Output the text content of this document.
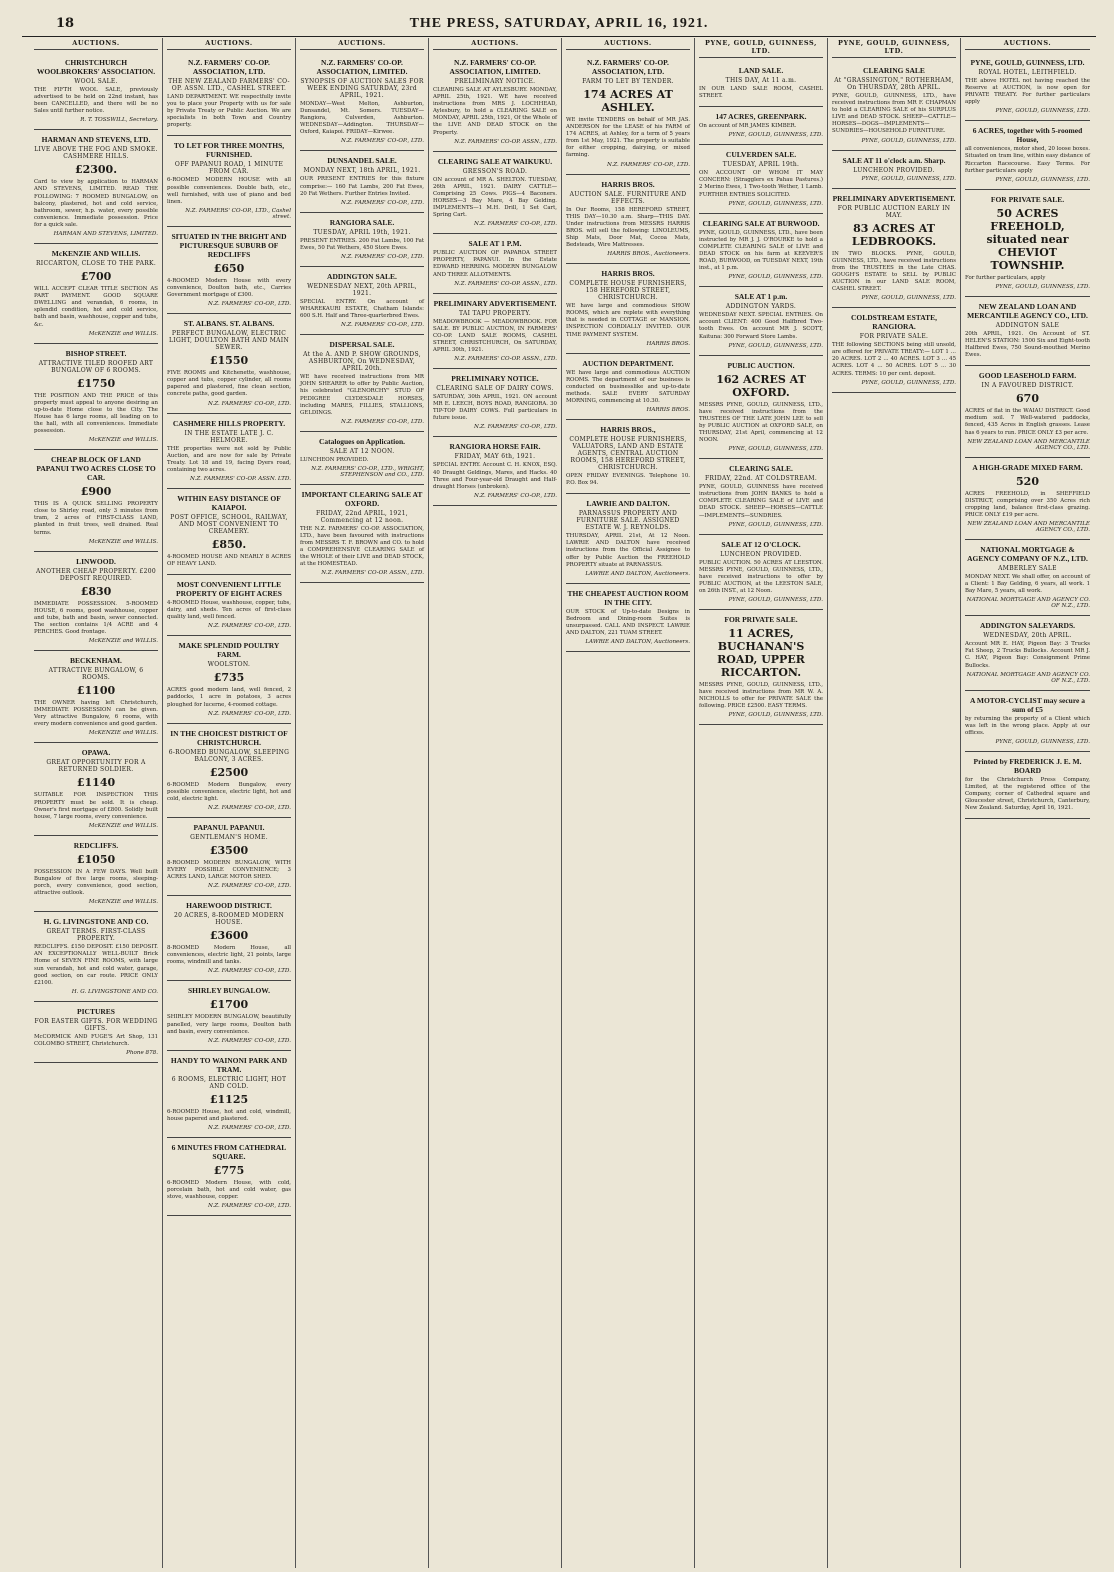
18	THE PRESS, SATURDAY, APRIL 16, 1921.
AUCTIONS.
CHRISTCHURCH WOOLBROKERS' ASSOCIATION.
WOOL SALE.
THE FIFTH WOOL SALE, previously advertised to be held on 22nd instant, has been CANCELLED, and there will be no Sales until further notice.
R. T. TOSSWILL, Secretary.
HARMAN AND STEVENS, LTD.
LIVE ABOVE THE FOG AND SMOKE. CASHMERE HILLS.
£2300.
Card to view by application to HARMAN AND STEVENS, LIMITED. READ THE FOLLOWING: 7 ROOMED BUNGALOW, on balcony, plastered, hot and cold service, bathroom, sewer, h.p. water, every possible convenience. Immediate possession. Price for a quick sale.
HARMAN AND STEVENS, LIMITED.
McKENZIE AND WILLIS.
RICCARTON, CLOSE TO THE PARK.
£700
WILL ACCEPT CLEAR TITLE SECTION AS PART PAYMENT. GOOD SQUARE DWELLING and verandah, 6 rooms, in splendid condition, hot and cold service, bath and basin, washhouse, copper and tubs, &c.
McKENZIE and WILLIS.
BISHOP STREET.
ATTRACTIVE TILED ROOFED ART BUNGALOW OF 6 ROOMS.
£1750
THE POSITION AND THE PRICE of this property must appeal to anyone desiring an up-to-date Home close to the City. The House has 6 large rooms, all leading on to the hall, with all conveniences. Immediate possession.
McKENZIE and WILLIS.
CHEAP BLOCK OF LAND PAPANUI TWO ACRES CLOSE TO CAR.
£900
THIS IS A QUICK SELLING PROPERTY close to Shirley road, only 3 minutes from tram, 2 acres of FIRST-CLASS LAND, planted in fruit trees, well drained. Real terms.
McKENZIE and WILLIS.
LINWOOD.
ANOTHER CHEAP PROPERTY. £200 DEPOSIT REQUIRED.
£830
IMMEDIATE POSSESSION. 5-ROOMED HOUSE, 6 rooms, good washhouse, copper and tubs, bath and basin, sewer connected. The section contains 1/4 ACRE and 4 PERCHES. Good frontage.
McKENZIE and WILLIS.
BECKENHAM.
ATTRACTIVE BUNGALOW, 6 ROOMS.
£1100
THE OWNER having left Christchurch, IMMEDIATE POSSESSION can be given. Very attractive Bungalow, 6 rooms, with every modern convenience and good garden.
McKENZIE and WILLIS.
OPAWA.
GREAT OPPORTUNITY FOR A RETURNED SOLDIER.
£1140
SUITABLE FOR INSPECTION THIS PROPERTY must be sold. It is cheap. Owner's first mortgage of £800. Solidly built house, 7 large rooms, every convenience.
McKENZIE and WILLIS.
REDCLIFFS.
£1050
POSSESSION IN A FEW DAYS. Well built Bungalow of five large rooms, sleeping-porch, every convenience, good section, attractive outlook.
McKENZIE and WILLIS.
H. G. LIVINGSTONE AND CO.
GREAT TERMS. FIRST-CLASS PROPERTY.
REDCLIFFS. £150 DEPOSIT. £150 DEPOSIT. AN EXCEPTIONALLY WELL-BUILT Brick Home of SEVEN FINE ROOMS, with large sun verandah, hot and cold water, garage, good section, on car route. PRICE ONLY £2100.
H. G. LIVINGSTONE AND CO.
PICTURES
FOR EASTER GIFTS. FOR WEDDING GIFTS.
McCORMICK AND FUGE'S Art Shop, 131 COLOMBO STREET, Christchurch.
Phone 878.
AUCTIONS.
N.Z. FARMERS' CO-OP. ASSOCIATION, LTD.
THE NEW ZEALAND FARMERS' CO-OP. ASSN. LTD., CASHEL STREET.
LAND DEPARTMENT. WE respectfully invite you to place your Property with us for sale by Private Treaty or Public Auction. We are specialists in both Town and Country property.
TO LET FOR THREE MONTHS, FURNISHED.
OFF PAPANUI ROAD, 1 MINUTE FROM CAR.
6-ROOMED MODERN HOUSE with all possible conveniences. Double bath, etc., well furnished, with use of piano and bed linen.
N.Z. FARMERS' CO-OP., LTD., Cashel street.
SITUATED IN THE BRIGHT AND PICTURESQUE SUBURB OF REDCLIFFS
£650
4-ROOMED Modern House with every convenience, Doulton bath, etc., Carries Government mortgage of £300.
N.Z. FARMERS' CO-OP., LTD.
ST. ALBANS. ST. ALBANS.
PERFECT BUNGALOW, ELECTRIC LIGHT, DOULTON BATH AND MAIN SEWER.
£1550
FIVE ROOMS and Kitchenette, washhouse, copper and tubs, copper cylinder, all rooms papered and plastered, fine clean section, concrete paths, good garden.
N.Z. FARMERS' CO-OP., LTD.
CASHMERE HILLS PROPERTY.
IN THE ESTATE LATE J. C. HELMORE.
THE properties were not sold by Public Auction, and are now for sale by Private Treaty. Lot 18 and 19, facing Dyers road, containing two acres.
N.Z. FARMERS' CO-OP. ASSN. LTD.
WITHIN EASY DISTANCE OF KAIAPOI.
POST OFFICE, SCHOOL, RAILWAY, AND MOST CONVENIENT TO CREAMERY.
£850.
4-ROOMED HOUSE AND NEARLY 8 ACRES OF HEAVY LAND.
MOST CONVENIENT LITTLE PROPERTY OF EIGHT ACRES
4-ROOMED House, washhouse, copper, tubs, dairy, and sheds. Ten acres of first-class quality land, well fenced.
N.Z. FARMERS' CO-OP., LTD.
MAKE SPLENDID POULTRY FARM.
WOOLSTON.
£735
ACRES good modern land, well fenced, 2 paddocks, 1 acre in potatoes, 3 acres ploughed for lucerne, 4-roomed cottage.
N.Z. FARMERS' CO-OP., LTD.
IN THE CHOICEST DISTRICT OF CHRISTCHURCH.
6-ROOMED BUNGALOW, SLEEPING BALCONY, 3 ACRES.
£2500
6-ROOMED Modern Bungalow, every possible convenience, electric light, hot and cold, electric light.
N.Z. FARMERS' CO-OP., LTD.
PAPANUI. PAPANUI.
GENTLEMAN'S HOME.
£3500
8-ROOMED MODERN BUNGALOW, WITH EVERY POSSIBLE CONVENIENCE; 3 ACRES LAND, LARGE MOTOR SHED.
N.Z. FARMERS' CO-OP., LTD.
HAREWOOD DISTRICT.
20 ACRES, 8-ROOMED MODERN HOUSE.
£3600
8-ROOMED Modern House, all conveniences, electric light, 21 points, large rooms, windmill and tanks.
N.Z. FARMERS' CO-OP., LTD.
SHIRLEY BUNGALOW.
£1700
SHIRLEY MODERN BUNGALOW, beautifully panelled, very large rooms, Doulton bath and basin, every convenience.
N.Z. FARMERS' CO-OP., LTD.
HANDY TO WAINONI PARK AND TRAM.
6 ROOMS, ELECTRIC LIGHT, HOT AND COLD.
£1125
6-ROOMED House, hot and cold, windmill, house papered and plastered.
N.Z. FARMERS' CO-OP., LTD.
6 MINUTES FROM CATHEDRAL SQUARE.
£775
6-ROOMED Modern House, with cold, porcelain bath, hot and cold water, gas stove, washhouse, copper.
N.Z. FARMERS' CO-OP., LTD.
AUCTIONS.
N.Z. FARMERS' CO-OP. ASSOCIATION, LIMITED.
SYNOPSIS OF AUCTION SALES FOR WEEK ENDING SATURDAY, 23rd APRIL, 1921.
MONDAY—West Melton, Ashburton, Dunsandel, Mt. Somers. TUESDAY—Rangiora, Culverden, Ashburton. WEDNESDAY—Addington. THURSDAY—Oxford, Kaiapoi. FRIDAY—Kirwee.
N.Z. FARMERS' CO-OP., LTD.
DUNSANDEL SALE.
MONDAY NEXT, 18th APRIL, 1921.
OUR PRESENT ENTRIES for this fixture comprise:— 160 Fat Lambs, 200 Fat Ewes, 20 Fat Wethers. Further Entries Invited.
N.Z. FARMERS' CO-OP., LTD.
RANGIORA SALE.
TUESDAY, APRIL 19th, 1921.
PRESENT ENTRIES. 200 Fat Lambs, 100 Fat Ewes, 50 Fat Wethers, 450 Store Ewes.
N.Z. FARMERS' CO-OP., LTD.
ADDINGTON SALE.
WEDNESDAY NEXT, 20th APRIL, 1921.
SPECIAL ENTRY. On account of WHAREKAURI ESTATE, Chatham Islands: 600 S.H. Half and Three-quarterbred Ewes.
N.Z. FARMERS' CO-OP., LTD.
DISPERSAL SALE.
At the A. AND P. SHOW GROUNDS, ASHBURTON, On WEDNESDAY, APRIL 20th.
WE have received instructions from MR JOHN SHEARER to offer by Public Auction, his celebrated "GLENORCHY" STUD OF PEDIGREE CLYDESDALE HORSES, including MARES, FILLIES, STALLIONS, GELDINGS.
N.Z. FARMERS' CO-OP., LTD.
Catalogues on Application.
SALE AT 12 NOON.
LUNCHEON PROVIDED.
N.Z. FARMERS' CO-OP., LTD., WRIGHT, STEPHENSON and CO., LTD.
IMPORTANT CLEARING SALE AT OXFORD.
FRIDAY, 22nd APRIL, 1921, Commencing at 12 noon.
THE N.Z. FARMERS' CO-OP. ASSOCIATION, LTD., have been favoured with instructions from MESSRS T. F. BROWN and CO. to hold a COMPREHENSIVE CLEARING SALE of the WHOLE of their LIVE and DEAD STOCK, at the HOMESTEAD.
N.Z. FARMERS' CO-OP. ASSN., LTD.
AUCTIONS.
N.Z. FARMERS' CO-OP. ASSOCIATION, LIMITED.
PRELIMINARY NOTICE.
CLEARING SALE AT AYLESBURY. MONDAY, APRIL 25th, 1921. WE have received instructions from MRS J. LOCHHEAD, Aylesbury, to hold a CLEARING SALE on MONDAY, APRIL 25th, 1921, Of the Whole of the LIVE AND DEAD STOCK on the Property.
N.Z. FARMERS' CO-OP. ASSN., LTD.
CLEARING SALE AT WAIKUKU.
GRESSON'S ROAD.
ON account of MR A. SHELTON. TUESDAY, 26th APRIL, 1921. DAIRY CATTLE—Comprising 25 Cows. PIGS—4 Baconers. HORSES—3 Bay Mare, 4 Bay Gelding. IMPLEMENTS—1 M.H. Drill, 1 Set Cart, Spring Cart.
N.Z. FARMERS' CO-OP., LTD.
SALE AT 1 P.M.
PUBLIC AUCTION OF PAPAROA STREET PROPERTY, PAPANUI. In the Estate EDWARD HERRING. MODERN BUNGALOW AND THREE ALLOTMENTS.
N.Z. FARMERS' CO-OP. ASSN., LTD.
PRELIMINARY ADVERTISEMENT.
TAI TAPU PROPERTY.
MEADOWBROOK — MEADOWBROOK. FOR SALE. BY PUBLIC AUCTION, IN FARMERS' CO-OP. LAND SALE ROOMS, CASHEL STREET, CHRISTCHURCH, On SATURDAY, APRIL 30th, 1921.
N.Z. FARMERS' CO-OP. ASSN., LTD.
PRELIMINARY NOTICE.
CLEARING SALE OF DAIRY COWS.
SATURDAY, 30th APRIL, 1921. ON account MR E. LEECH, BOYS ROAD, RANGIORA. 30 TIP-TOP DAIRY COWS. Full particulars in future issue.
N.Z. FARMERS' CO-OP., LTD.
RANGIORA HORSE FAIR.
FRIDAY, MAY 6th, 1921.
SPECIAL ENTRY. Account C. H. KNOX, ESQ. 40 Draught Geldings, Mares, and Hacks. 40 Three and Four-year-old Draught and Half-draught Horses (unbroken).
N.Z. FARMERS' CO-OP., LTD.
AUCTIONS.
N.Z. FARMERS' CO-OP. ASSOCIATION, LTD.
FARM TO LET BY TENDER.
174 ACRES AT ASHLEY.
WE invite TENDERS on behalf of MR JAS. ANDERSON for the LEASE of his FARM of 174 ACRES, at Ashley, for a term of 5 years from 1st May, 1921. The property is suitable for either cropping, dairying, or mixed farming.
N.Z. FARMERS' CO-OP., LTD.
HARRIS BROS.
AUCTION SALE. FURNITURE AND EFFECTS.
In Our Rooms, 158 HEREFORD STREET, THIS DAY—10.30 a.m. Sharp—THIS DAY. Under instructions from MESSRS HARRIS BROS. will sell the following: LINOLEUMS, Ship Mats, Door Mat, Cocoa Mats, Bedsteads, Wire Mattresses.
HARRIS BROS., Auctioneers.
HARRIS BROS.
COMPLETE HOUSE FURNISHERS, 158 HEREFORD STREET, CHRISTCHURCH.
WE have large and commodious SHOW ROOMS, which are replete with everything that is needed in COTTAGE or MANSION. INSPECTION CORDIALLY INVITED. OUR TIME PAYMENT SYSTEM.
HARRIS BROS.
AUCTION DEPARTMENT.
WE have large and commodious AUCTION ROOMS. The department of our business is conducted on businesslike and up-to-date methods. SALE EVERY SATURDAY MORNING, commencing at 10.30.
HARRIS BROS.
HARRIS BROS.,
COMPLETE HOUSE FURNISHERS, VALUATORS, LAND AND ESTATE AGENTS, CENTRAL AUCTION ROOMS, 158 HEREFORD STREET, CHRISTCHURCH.
OPEN FRIDAY EVENINGS. Telephone 10. P.O. Box 94.
LAWRIE AND DALTON.
PARNASSUS PROPERTY AND FURNITURE SALE. ASSIGNED ESTATE W. J. REYNOLDS.
THURSDAY, APRIL 21st, At 12 Noon. LAWRIE AND DALTON have received instructions from the Official Assignee to offer by Public Auction the FREEHOLD PROPERTY situate at PARNASSUS.
LAWRIE AND DALTON, Auctioneers.
THE CHEAPEST AUCTION ROOM IN THE CITY.
OUR STOCK of Up-to-date Designs in Bedroom and Dining-room Suites is unsurpassed. CALL AND INSPECT. LAWRIE AND DALTON, 221 TUAM STREET.
LAWRIE AND DALTON, Auctioneers.
PYNE, GOULD, GUINNESS, LTD.
LAND SALE.
THIS DAY, At 11 a.m.
IN OUR LAND SALE ROOM, CASHEL STREET.
147 ACRES, GREENPARK.
On account of MR JAMES KIMBER.
PYNE, GOULD, GUINNESS, LTD.
CULVERDEN SALE.
TUESDAY, APRIL 19th.
ON ACCOUNT OF WHOM IT MAY CONCERN: (Stragglers ex Pahau Pastures.) 2 Merino Ewes, 1 Two-tooth Wether, 1 Lamb. FURTHER ENTRIES SOLICITED.
PYNE, GOULD, GUINNESS, LTD.
CLEARING SALE AT BURWOOD.
PYNE, GOULD, GUINNESS, LTD., have been instructed by MR J. J. O'ROURKE to hold a COMPLETE CLEARING SALE of LIVE and DEAD STOCK on his farm at KEEVER'S ROAD, BURWOOD, on TUESDAY NEXT, 19th inst., at 1 p.m.
PYNE, GOULD, GUINNESS, LTD.
SALE AT 1 p.m.
ADDINGTON YARDS.
WEDNESDAY NEXT. SPECIAL ENTRIES. On account CLIENT: 400 Good Halfbred Two-tooth Ewes. On account MR J. SCOTT, Kaituna: 300 Forward Store Lambs.
PYNE, GOULD, GUINNESS, LTD.
PUBLIC AUCTION.
162 ACRES AT OXFORD.
MESSRS PYNE, GOULD, GUINNESS, LTD., have received instructions from the TRUSTEES OF THE LATE JOHN LEE to sell by PUBLIC AUCTION at OXFORD SALE, on THURSDAY, 21st April, commencing at 12 NOON.
PYNE, GOULD, GUINNESS, LTD.
CLEARING SALE.
FRIDAY, 22nd. AT COLDSTREAM.
PYNE, GOULD, GUINNESS have received instructions from JOHN BANKS to hold a COMPLETE CLEARING SALE of LIVE and DEAD STOCK. SHEEP—HORSES—CATTLE—IMPLEMENTS—SUNDRIES.
PYNE, GOULD, GUINNESS, LTD.
SALE AT 12 O'CLOCK.
LUNCHEON PROVIDED.
PUBLIC AUCTION. 50 ACRES AT LEESTON. MESSRS PYNE, GOULD, GUINNESS, LTD., have received instructions to offer by PUBLIC AUCTION, at the LEESTON SALE, on 26th INST., at 12 Noon.
PYNE, GOULD, GUINNESS, LTD.
FOR PRIVATE SALE.
11 ACRES, BUCHANAN'S ROAD, UPPER RICCARTON.
MESSRS PYNE, GOULD, GUINNESS, LTD., have received instructions from MR W. A. NICHOLLS to offer for PRIVATE SALE the following. PRICE £2500. EASY TERMS.
PYNE, GOULD, GUINNESS, LTD.
PYNE, GOULD, GUINNESS, LTD.
CLEARING SALE
At "GRASSINGTON," ROTHERHAM, On THURSDAY, 28th APRIL.
PYNE, GOULD, GUINNESS, LTD., have received instructions from MR F. CHAPMAN to hold a CLEARING SALE of his SURPLUS LIVE and DEAD STOCK. SHEEP—CATTLE—HORSES—DOGS—IMPLEMENTS—SUNDRIES—HOUSEHOLD FURNITURE.
PYNE, GOULD, GUINNESS, LTD.
SALE AT 11 o'clock a.m. Sharp.
LUNCHEON PROVIDED.
PYNE, GOULD, GUINNESS, LTD.
PRELIMINARY ADVERTISEMENT.
FOR PUBLIC AUCTION EARLY IN MAY.
83 ACRES AT LEDBROOKS.
IN TWO BLOCKS. PYNE, GOULD, GUINNESS, LTD., have received instructions from the TRUSTEES in the Late CHAS. GOUGH'S ESTATE to SELL by PUBLIC AUCTION in our LAND SALE ROOM, CASHEL STREET.
PYNE, GOULD, GUINNESS, LTD.
COLDSTREAM ESTATE, RANGIORA.
FOR PRIVATE SALE.
THE following SECTIONS being still unsold, are offered for PRIVATE TREATY:— LOT 1 ... 20 ACRES. LOT 2 ... 40 ACRES. LOT 3 ... 45 ACRES. LOT 4 ... 50 ACRES. LOT 5 ... 30 ACRES. TERMS: 10 per cent. deposit.
PYNE, GOULD, GUINNESS, LTD.
AUCTIONS.
PYNE, GOULD, GUINNESS, LTD.
ROYAL HOTEL, LEITHFIELD.
THE above HOTEL not having reached the Reserve at AUCTION, is now open for PRIVATE TREATY. For further particulars apply
PYNE, GOULD, GUINNESS, LTD.
6 ACRES, together with 5-roomed House,
all conveniences, motor shed, 20 loose boxes. Situated on tram line, within easy distance of Riccarton Racecourse. Easy Terms. For further particulars apply
PYNE, GOULD, GUINNESS, LTD.
FOR PRIVATE SALE.
50 ACRES FREEHOLD, situated near CHEVIOT TOWNSHIP.
For further particulars, apply
PYNE, GOULD, GUINNESS, LTD.
NEW ZEALAND LOAN AND MERCANTILE AGENCY CO., LTD.
ADDINGTON SALE
20th APRIL, 1921. On Account of ST. HELEN'S STATION: 1500 Six and Eight-tooth Halfbred Ewes, 750 Sound-mouthed Merino Ewes.
GOOD LEASEHOLD FARM.
IN A FAVOURED DISTRICT.
670
ACRES of flat in the WAIAU DISTRICT. Good medium soil. 7 Well-watered paddocks, fenced, 435 Acres in English grasses. Lease has 6 years to run. PRICE ONLY £3 per acre.
NEW ZEALAND LOAN AND MERCANTILE AGENCY CO., LTD.
A HIGH-GRADE MIXED FARM.
520
ACRES FREEHOLD, in SHEFFIELD DISTRICT, comprising over 350 Acres rich cropping land, balance first-class grazing. PRICE ONLY £19 per acre.
NEW ZEALAND LOAN AND MERCANTILE AGENCY CO., LTD.
NATIONAL MORTGAGE & AGENCY COMPANY OF N.Z., LTD.
AMBERLEY SALE
MONDAY NEXT. We shall offer, on account of a Client: 1 Bay Gelding, 6 years, all work. 1 Bay Mare, 5 years, all work.
NATIONAL MORTGAGE AND AGENCY CO. OF N.Z., LTD.
ADDINGTON SALEYARDS.
WEDNESDAY, 20th APRIL.
Account MR E. HAY, Pigeon Bay: 3 Trucks Fat Sheep, 2 Trucks Bullocks. Account MR J. C. HAY, Pigeon Bay: Consignment Prime Bullocks.
NATIONAL MORTGAGE AND AGENCY CO. OF N.Z., LTD.
A MOTOR-CYCLIST may secure a sum of £5
by returning the property of a Client which was left in the wrong place. Apply at our offices.
PYNE, GOULD, GUINNESS, LTD.
Printed by FREDERICK J. E. M. BOARD
for the Christchurch Press Company, Limited, at the registered office of the Company, corner of Cathedral square and Gloucester street, Christchurch, Canterbury, New Zealand. Saturday, April 16, 1921.
